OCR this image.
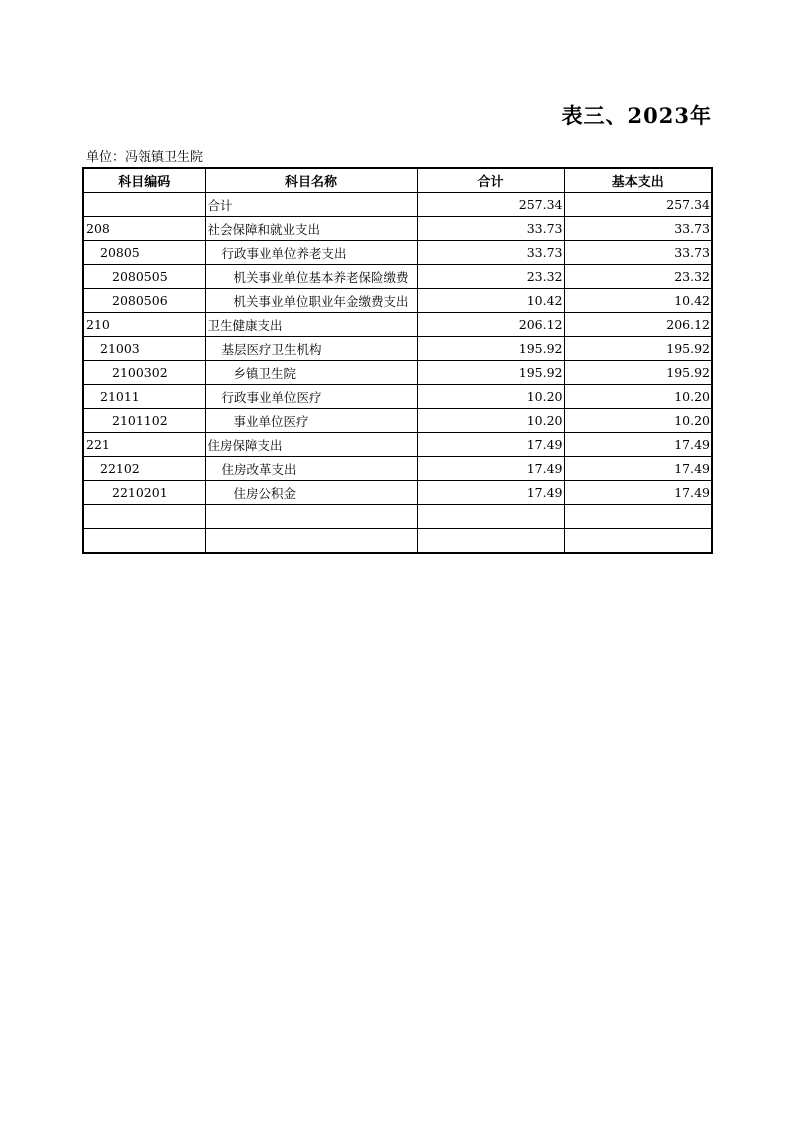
表三、2023年
单位：冯瓴镇卫生院
科目编码	科目名称	合计	基本支出
	合计	257.34	257.34
208	社会保障和就业支出	33.73	33.73
20805	行政事业单位养老支出	33.73	33.73
2080505	机关事业单位基本养老保险缴费	23.32	23.32
2080506	机关事业单位职业年金缴费支出	10.42	10.42
210	卫生健康支出	206.12	206.12
21003	基层医疗卫生机构	195.92	195.92
2100302	乡镇卫生院	195.92	195.92
21011	行政事业单位医疗	10.20	10.20
2101102	事业单位医疗	10.20	10.20
221	住房保障支出	17.49	17.49
22102	住房改革支出	17.49	17.49
2210201	住房公积金	17.49	17.49
